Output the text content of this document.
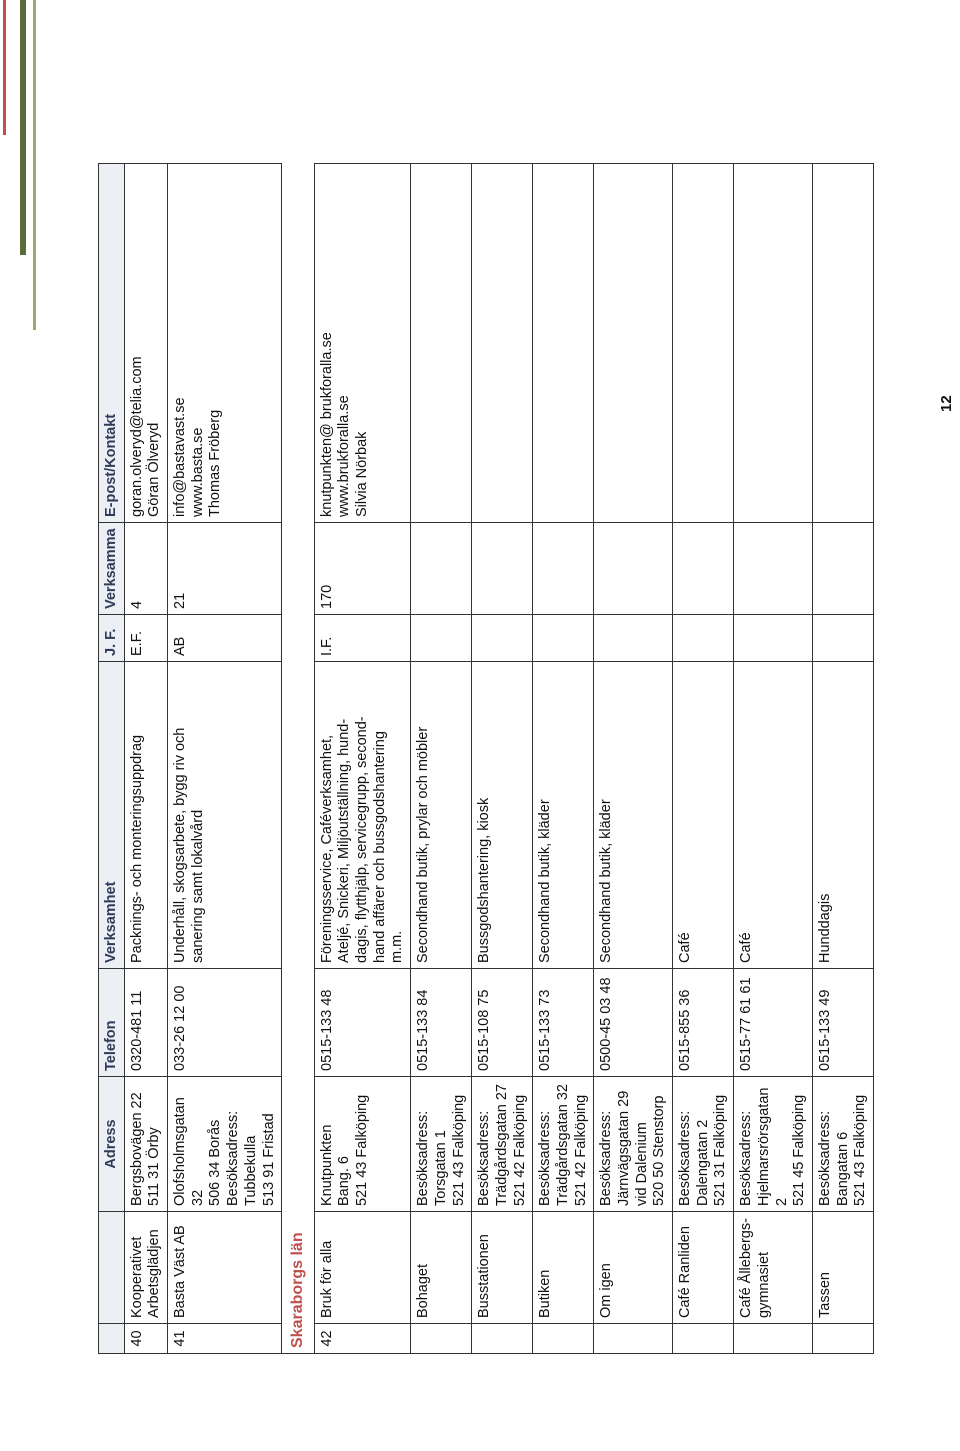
12
		Adress	Telefon	Verksamhet	J. F.	Verksamma	E-post/Kontakt
40	Kooperativet Arbetsglädjen	Bergsbovägen 22 511 31 Örby	0320-481 11	Packnings- och monteringsuppdrag	E.F.	4	goran.olveryd@telia.com Göran Ölveryd

41	Basta Väst AB	Olofsholmsgatan 32 506 34 Borås Besöksadress: Tubbekulla 513 91 Fristad	033-26 12 00	Underhåll, skogsarbete, bygg riv och sanering samt lokalvård	AB	21	info@bastavast.se www.basta.se Thomas Fröberg

Skaraborgs län							
42	Bruk för alla	Knutpunkten Bang. 6 521 43 Falköping	0515-133 48	Föreningsservice, Caféverksamhet, Ateljé, Snickeri, Miljöutställning, hund- dagis, flytthjälp, servicegrupp, second- hand affärer och bussgodshantering m.m.	I.F.	170	knutpunkten@ brukforalla.se www.brukforalla.se Silvia Nörbak

	Bohaget	Besöksadress: Torsgatan 1 521 43 Falköping	0515-133 84	Secondhand butik, prylar och möbler			

	Busstationen	Besöksadress: Trädgårdsgatan 27 521 42 Falköping	0515-108 75	Bussgodshantering, kiosk			

	Butiken	Besöksadress: Trädgårdsgatan 32 521 42 Falköping	0515-133 73	Secondhand butik, kläder			

	Om igen	Besöksadress: Järnvägsgatan 29 vid Dalenium 520 50 Stenstorp	0500-45 03 48	Secondhand butik, kläder			

	Café Ranliden	Besöksadress: Dalengatan 2 521 31 Falköping	0515-855 36	Café			

	Café Ållebergs- gymnasiet	Besöksadress: Hjelmarsrörsgatan 2 521 45 Falköping	0515-77 61 61	Café			

	Tassen	Besöksadress: Bangatan 6 521 43 Falköping	0515-133 49	Hunddagis			
